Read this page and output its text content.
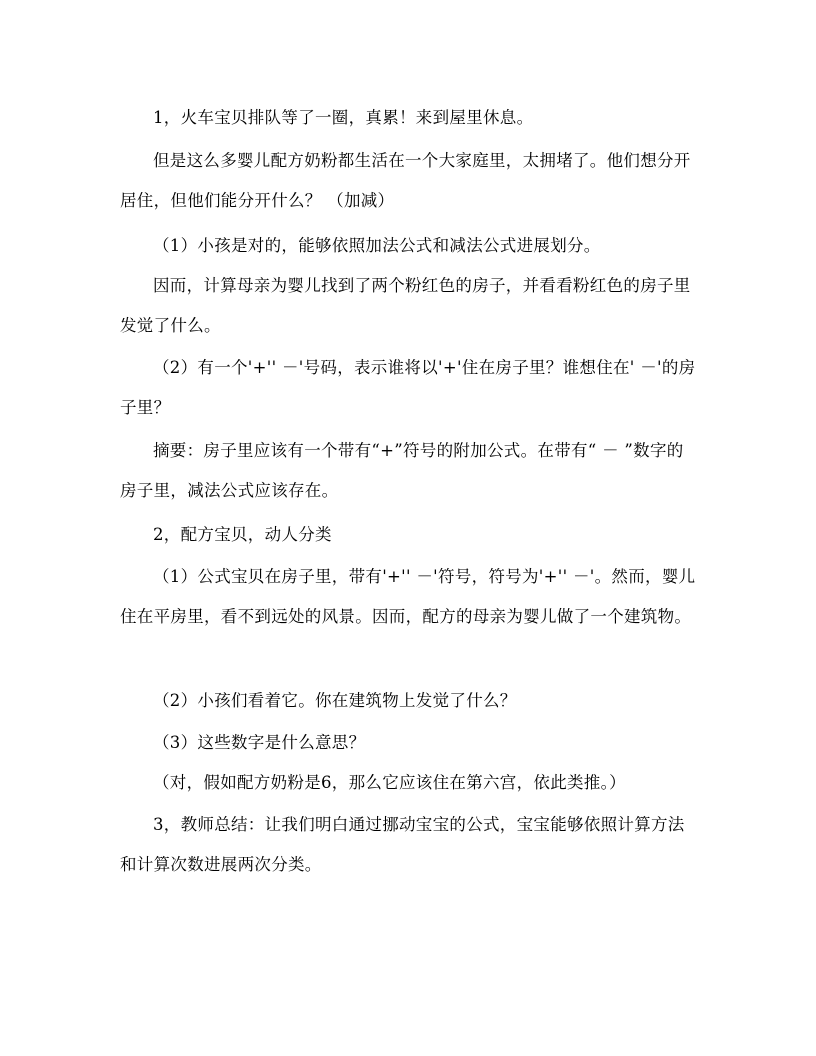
1，火车宝贝排队等了一圈，真累！来到屋里休息。

但是这么多婴儿配方奶粉都生活在一个大家庭里，太拥堵了。他们想分开居住，但他们能分开什么？ （加减）

（1）小孩是对的，能够依照加法公式和减法公式进展划分。

因而，计算母亲为婴儿找到了两个粉红色的房子，并看看粉红色的房子里发觉了什么。

（2）有一个'+'' －'号码，表示谁将以'+'住在房子里？谁想住在' －'的房子里？

摘要：房子里应该有一个带有“+”符号的附加公式。在带有“ － ”数字的房子里，减法公式应该存在。

2，配方宝贝，动人分类

（1）公式宝贝在房子里，带有'+'' －'符号，符号为'+'' －'。然而，婴儿住在平房里，看不到远处的风景。因而，配方的母亲为婴儿做了一个建筑物。

（2）小孩们看着它。你在建筑物上发觉了什么？

（3）这些数字是什么意思？

（对，假如配方奶粉是6，那么它应该住在第六宫，依此类推。）

3，教师总结：让我们明白通过挪动宝宝的公式，宝宝能够依照计算方法和计算次数进展两次分类。
